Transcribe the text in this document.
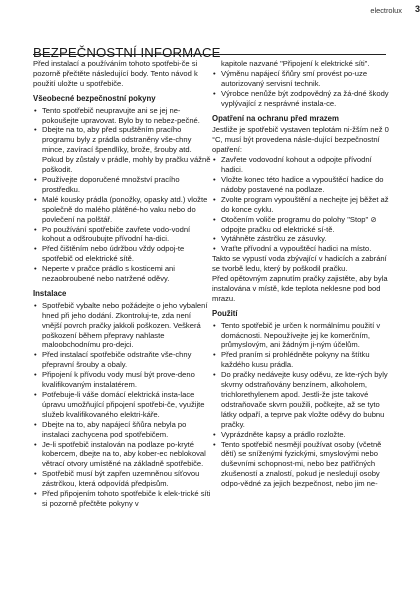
electrolux 3
BEZPEČNOSTNÍ INFORMACE

Před instalací a používáním tohoto spotřebi-če si pozorně přečtěte následující body. Tento návod k použití uložte u spotřebiče.

Všeobecné bezpečnostní pokyny
• Tento spotřebič neupravujte ani se jej ne-pokoušejte upravovat. Bylo by to nebez-pečné.
• Dbejte na to, aby před spuštěním pracího programu byly z prádla odstraněny vše-chny mince, zavírací špendlíky, brože, šrouby atd. Pokud by zůstaly v prádle, mohly by pračku vážně poškodit.
• Používejte doporučené množství pracího prostředku.
• Malé kousky prádla (ponožky, opasky atd.) vložte společně do malého plátěné-ho vaku nebo do povlečení na polštář.
• Po používání spotřebiče zavřete vodo-vodní kohout a odšroubujte přívodní ha-dici.
• Před čištěním nebo údržbou vždy odpoj-te spotřebič od elektrické sítě.
• Neperte v pračce prádlo s kosticemi ani nezaobroubené nebo natržené oděvy.
Instalace
• Spotřebič vybalte nebo požádejte o jeho vybalení hned při jeho dodání. Zkontroluj-te, zda není vnější povrch pračky jakkoli poškozen. Veškerá poškození během přepravy nahlaste maloobchodnímu pro-dejci.
• Před instalací spotřebiče odstraňte vše-chny přepravní šrouby a obaly.
• Připojení k přívodu vody musí být prove-deno kvalifikovaným instalatérem.
• Potřebuje-li váše domácí elektrická insta-lace úpravu umožňující připojení spotřebi-če, využijte služeb kvalifikovaného elektri-káře.
• Dbejte na to, aby napájecí šňůra nebyla po instalaci zachycena pod spotřebičem.
• Je-li spotřebič instalován na podlaze po-kryté kobercem, dbejte na to, aby kober-ec neblokoval větrací otvory umístěné na základně spotřebiče.
• Spotřebič musí být zapřen uzemněnou síťovou zástrčkou, která odpovídá předpisům.
• Před připojením tohoto spotřebiče k elek-trické síti si pozorně přečtěte pokyny v
kapitole nazvané "Připojení k elektrické síti".
• Výměnu napájecí šňůry smí provést po-uze autorizovaný servisní technik.
• Výrobce nenůže být zodpovědný za žá-dné škody vyplývající z nesprávné instala-ce.
Opatření na ochranu před mrazem

Jestliže je spotřebič vystaven teplotám ni-žším než 0 °C, musí být provedena násle-dující bezpečnostní opatření:

• Zavřete vodovodní kohout a odpojte přívodní hadici.
• Vložte konec této hadice a vypouštěcí hadice do nádoby postavené na podlaze.
• Zvolte program vypouštění a nechejte jej běžet až do konce cyklu.
• Otočením voliče programu do polohy "Stop" ⊘ odpojte pračku od elektrické sí-tě.
• Vytáhněte zástrčku ze zásuvky.
• Vraťte přívodní a vypouštěcí hadici na místo.

Takto se vypustí voda zbývající v hadicích a zabrání se tvorbě ledu, který by poškodil pračku.

Před opětovným zapnutím pračky zajistěte, aby byla instalována v místě, kde teplota neklesne pod bod mrazu.

Použití
• Tento spotřebič je určen k normálnímu použití v domácnosti. Nepoužívejte jej ke komerčním, průmyslovým, ani žádným ji-ným účelům.
• Před praním si prohlédněte pokyny na štítku každého kusu prádla.
• Do pračky nedávejte kusy oděvu, ze kte-rých byly skvrny odstraňovány benzínem, alkoholem, trichlorethylenem apod. Jestli-že jste takové odstraňovače skvrn použili, počkejte, až se tyto látky odpaří, a teprve pak vložte oděvy do bubnu pračky.
• Vyprázdněte kapsy a prádlo rozložte.
• Tento spotřebič nesmějí používat osoby (včetně dětí) se sníženými fyzickými, smyslovými nebo duševními schopnost-mi, nebo bez patřičných zkušeností a znalostí, pokud je nesledují osoby odpo-vědné za jejich bezpečnost, nebo jim ne-
